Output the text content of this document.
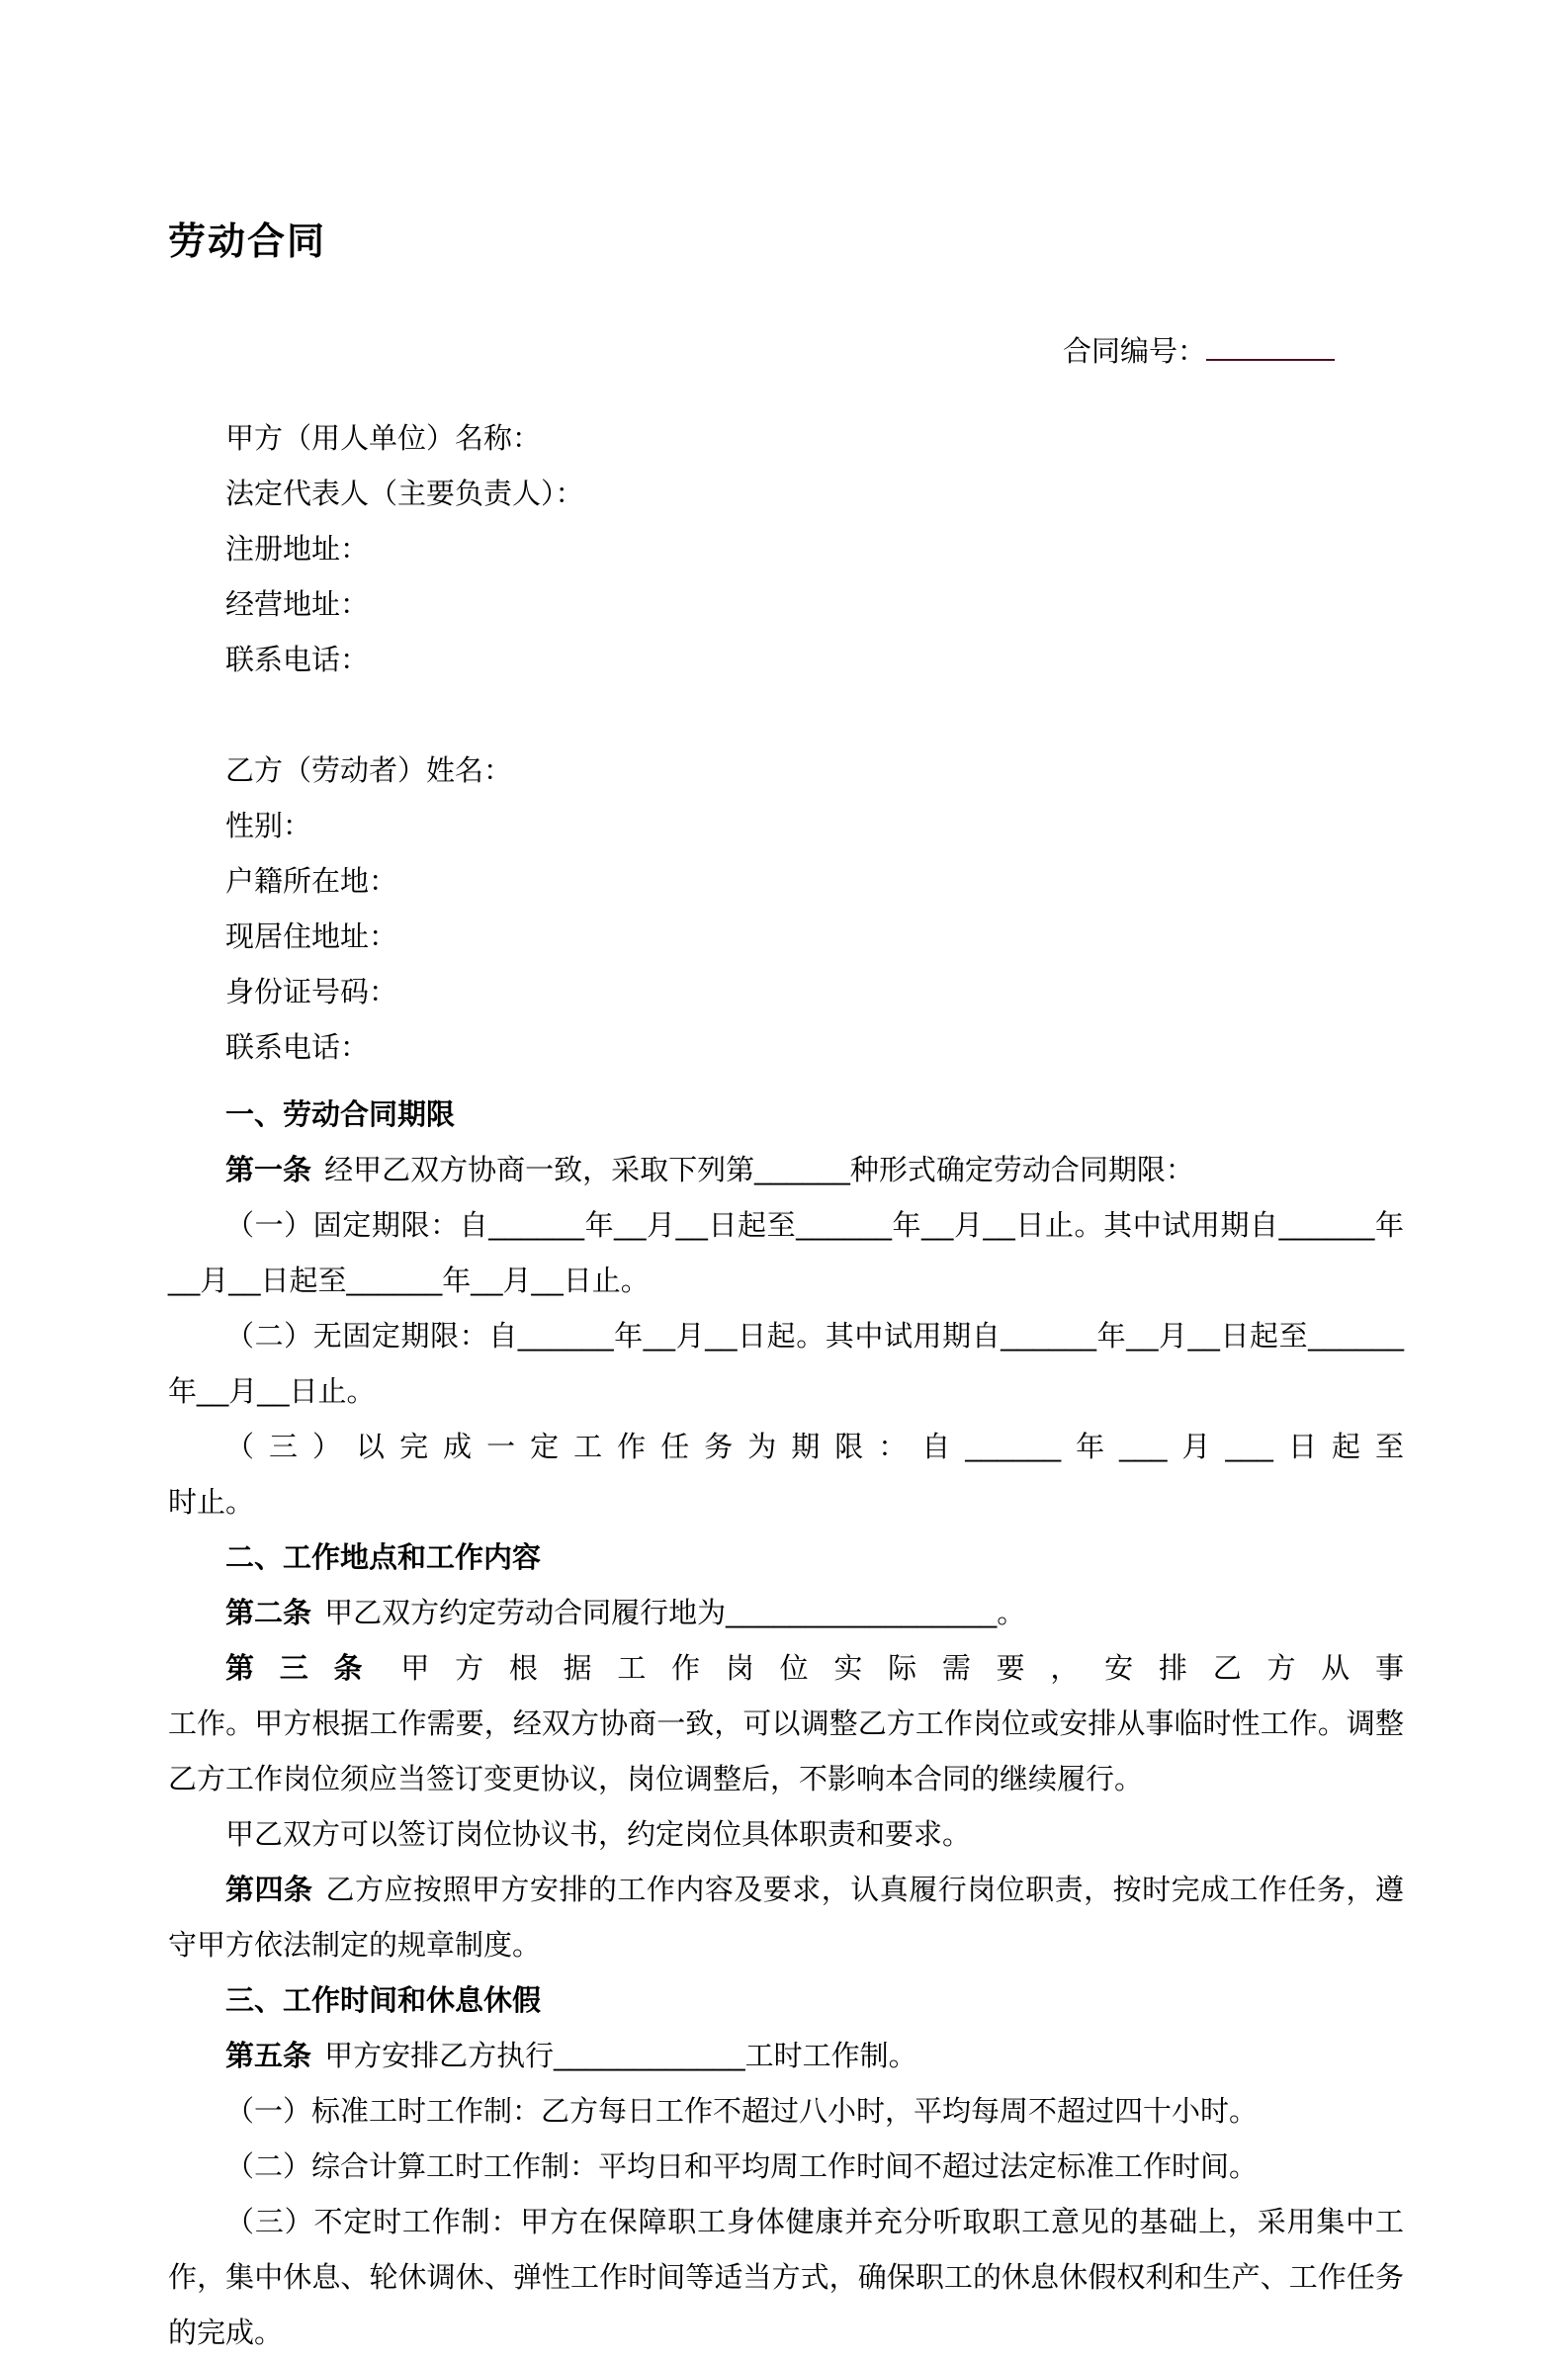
劳动合同
合同编号：

甲方（用人单位）名称：

法定代表人（主要负责人）：

注册地址：

经营地址：

联系电话：

乙方（劳动者）姓名：

性别：

户籍所在地：

现居住地址：

身份证号码：

联系电话：

一、劳动合同期限

第一条 经甲乙双方协商一致，采取下列第______种形式确定劳动合同期限：

（一）固定期限：自______年__月__日起至______年__月__日止。其中试用期自______年__月__日起至______年__月__日止。

（二）无固定期限：自______年__月__日起。其中试用期自______年__月__日起至______年__月__日止。

（三）以完成一定工作任务为期限：自______年___月___日起至

时止。

二、工作地点和工作内容

第二条 甲乙双方约定劳动合同履行地为_________________。

第三条 甲方根据工作岗位实际需要，安排乙方从事

工作。甲方根据工作需要，经双方协商一致，可以调整乙方工作岗位或安排从事临时性工作。调整乙方工作岗位须应当签订变更协议，岗位调整后，不影响本合同的继续履行。

甲乙双方可以签订岗位协议书，约定岗位具体职责和要求。

第四条 乙方应按照甲方安排的工作内容及要求，认真履行岗位职责，按时完成工作任务，遵守甲方依法制定的规章制度。

三、工作时间和休息休假

第五条 甲方安排乙方执行____________工时工作制。

（一）标准工时工作制：乙方每日工作不超过八小时，平均每周不超过四十小时。

（二）综合计算工时工作制：平均日和平均周工作时间不超过法定标准工作时间。

（三）不定时工作制：甲方在保障职工身体健康并充分听取职工意见的基础上，采用集中工作，集中休息、轮休调休、弹性工作时间等适当方式，确保职工的休息休假权利和生产、工作任务的完成。
